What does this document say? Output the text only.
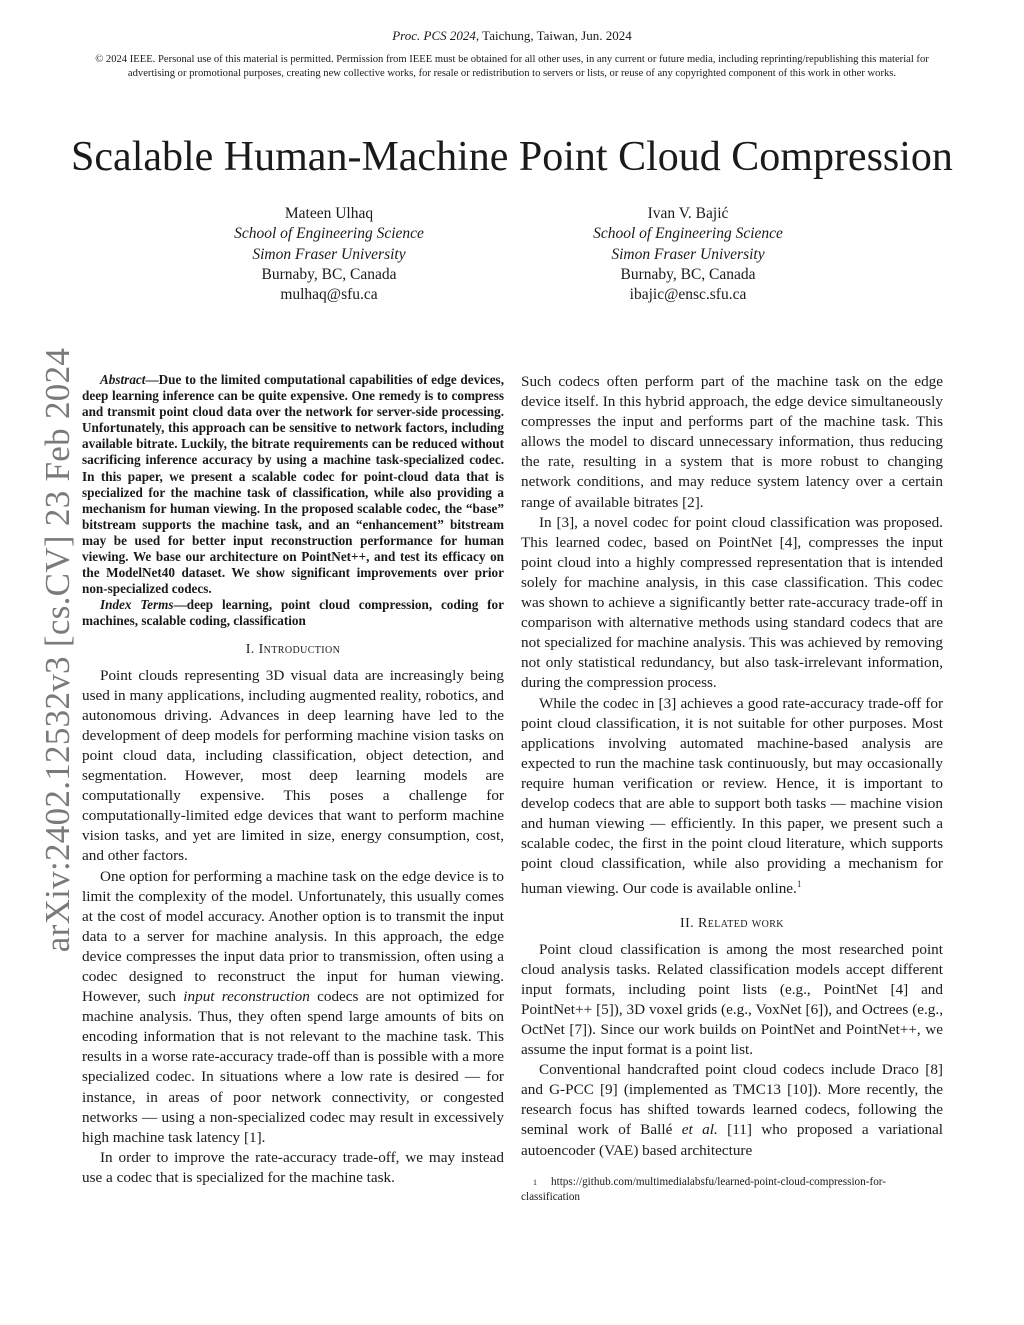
Proc. PCS 2024, Taichung, Taiwan, Jun. 2024
© 2024 IEEE. Personal use of this material is permitted. Permission from IEEE must be obtained for all other uses, in any current or future media, including reprinting/republishing this material for advertising or promotional purposes, creating new collective works, for resale or redistribution to servers or lists, or reuse of any copyrighted component of this work in other works.
Scalable Human-Machine Point Cloud Compression
Mateen Ulhaq
School of Engineering Science
Simon Fraser University
Burnaby, BC, Canada
mulhaq@sfu.ca
Ivan V. Bajić
School of Engineering Science
Simon Fraser University
Burnaby, BC, Canada
ibajic@ensc.sfu.ca
arXiv:2402.12532v3 [cs.CV] 23 Feb 2024	Abstract—Due to the limited computational capabilities of edge devices, deep learning inference can be quite expensive. One remedy is to compress and transmit point cloud data over the network for server-side processing. Unfortunately, this approach can be sensitive to network factors, including available bitrate. Luckily, the bitrate requirements can be reduced without sacrificing inference accuracy by using a machine task-specialized codec. In this paper, we present a scalable codec for point-cloud data that is specialized for the machine task of classification, while also providing a mechanism for human viewing. In the proposed scalable codec, the “base” bitstream supports the machine task, and an “enhancement” bitstream may be used for better input reconstruction performance for human viewing. We base our architecture on PointNet++, and test its efficacy on the ModelNet40 dataset. We show significant improvements over prior non-specialized codecs.
Index Terms—deep learning, point cloud compression, coding for machines, scalable coding, classification
I. Introduction

Point clouds representing 3D visual data are increasingly being used in many applications, including augmented reality, robotics, and autonomous driving. Advances in deep learning have led to the development of deep models for performing machine vision tasks on point cloud data, including classification, object detection, and segmentation. However, most deep learning models are computationally expensive. This poses a challenge for computationally-limited edge devices that want to perform machine vision tasks, and yet are limited in size, energy consumption, cost, and other factors.

One option for performing a machine task on the edge device is to limit the complexity of the model. Unfortunately, this usually comes at the cost of model accuracy. Another option is to transmit the input data to a server for machine analysis. In this approach, the edge device compresses the input data prior to transmission, often using a codec designed to reconstruct the input for human viewing. However, such input reconstruction codecs are not optimized for machine analysis. Thus, they often spend large amounts of bits on encoding information that is not relevant to the machine task. This results in a worse rate-accuracy trade-off than is possible with a more specialized codec. In situations where a low rate is desired — for instance, in areas of poor network connectivity, or congested networks — using a non-specialized codec may result in excessively high machine task latency [1].

In order to improve the rate-accuracy trade-off, we may instead use a codec that is specialized for the machine task.

Such codecs often perform part of the machine task on the edge device itself. In this hybrid approach, the edge device simultaneously compresses the input and performs part of the machine task. This allows the model to discard unnecessary information, thus reducing the rate, resulting in a system that is more robust to changing network conditions, and may reduce system latency over a certain range of available bitrates [2].

In [3], a novel codec for point cloud classification was proposed. This learned codec, based on PointNet [4], compresses the input point cloud into a highly compressed representation that is intended solely for machine analysis, in this case classification. This codec was shown to achieve a significantly better rate-accuracy trade-off in comparison with alternative methods using standard codecs that are not specialized for machine analysis. This was achieved by removing not only statistical redundancy, but also task-irrelevant information, during the compression process.

While the codec in [3] achieves a good rate-accuracy trade-off for point cloud classification, it is not suitable for other purposes. Most applications involving automated machine-based analysis are expected to run the machine task continuously, but may occasionally require human verification or review. Hence, it is important to develop codecs that are able to support both tasks — machine vision and human viewing — efficiently. In this paper, we present such a scalable codec, the first in the point cloud literature, which supports point cloud classification, while also providing a mechanism for human viewing. Our code is available online.$^1$

II. Related work

Point cloud classification is among the most researched point cloud analysis tasks. Related classification models accept different input formats, including point lists (e.g., PointNet [4] and PointNet++ [5]), 3D voxel grids (e.g., VoxNet [6]), and Octrees (e.g., OctNet [7]). Since our work builds on PointNet and PointNet++, we assume the input format is a point list.

Conventional handcrafted point cloud codecs include Draco [8] and G-PCC [9] (implemented as TMC13 [10]). More recently, the research focus has shifted towards learned codecs, following the seminal work of Ballé et al. [11] who proposed a variational autoencoder (VAE) based architecture

$^1$ https://github.com/multimedialabsfu/learned-point-cloud-compression-for-classification
